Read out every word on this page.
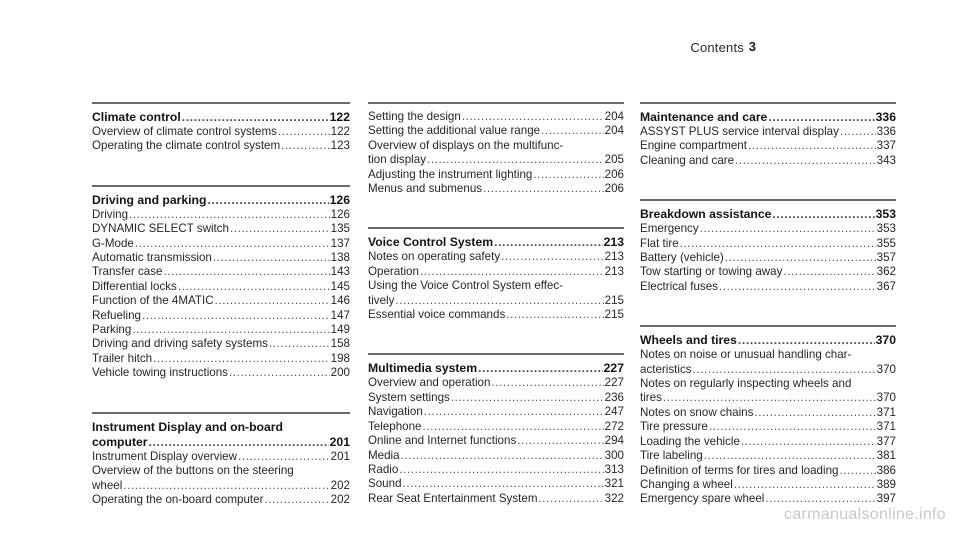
Contents 3
Climate control .....	122
Overview of climate control systems .....	122
Operating the climate control system .....	123
Driving and parking .....	126
Driving .....	126
DYNAMIC SELECT switch .....	135
G-Mode .....	137
Automatic transmission .....	138
Transfer case .....	143
Differential locks .....	145
Function of the 4MATIC .....	146
Refueling .....	147
Parking .....	149
Driving and driving safety systems .....	158
Trailer hitch .....	198
Vehicle towing instructions .....	200
Instrument Display and on-board
computer .....	201
Instrument Display overview .....	201
Overview of the buttons on the steering
wheel .....	202
Operating the on-board computer .....	202
Setting the design .....	204
Setting the additional value range .....	204
Overview of displays on the multifunc-
tion display .....	205
Adjusting the instrument lighting .....	206
Menus and submenus .....	206
Voice Control System .....	213
Notes on operating safety .....	213
Operation .....	213
Using the Voice Control System effec-
tively .....	215
Essential voice commands .....	215
Multimedia system .....	227
Overview and operation .....	227
System settings .....	236
Navigation .....	247
Telephone .....	272
Online and Internet functions .....	294
Media .....	300
Radio .....	313
Sound .....	321
Rear Seat Entertainment System .....	322
Maintenance and care .....	336
ASSYST PLUS service interval display .....	336
Engine compartment .....	337
Cleaning and care .....	343
Breakdown assistance .....	353
Emergency .....	353
Flat tire .....	355
Battery (vehicle) .....	357
Tow starting or towing away .....	362
Electrical fuses .....	367
Wheels and tires .....	370
Notes on noise or unusual handling char-
acteristics .....	370
Notes on regularly inspecting wheels and
tires .....	370
Notes on snow chains .....	371
Tire pressure .....	371
Loading the vehicle .....	377
Tire labeling .....	381
Definition of terms for tires and loading .....	386
Changing a wheel .....	389
Emergency spare wheel .....	397
carmanualsonline.info
